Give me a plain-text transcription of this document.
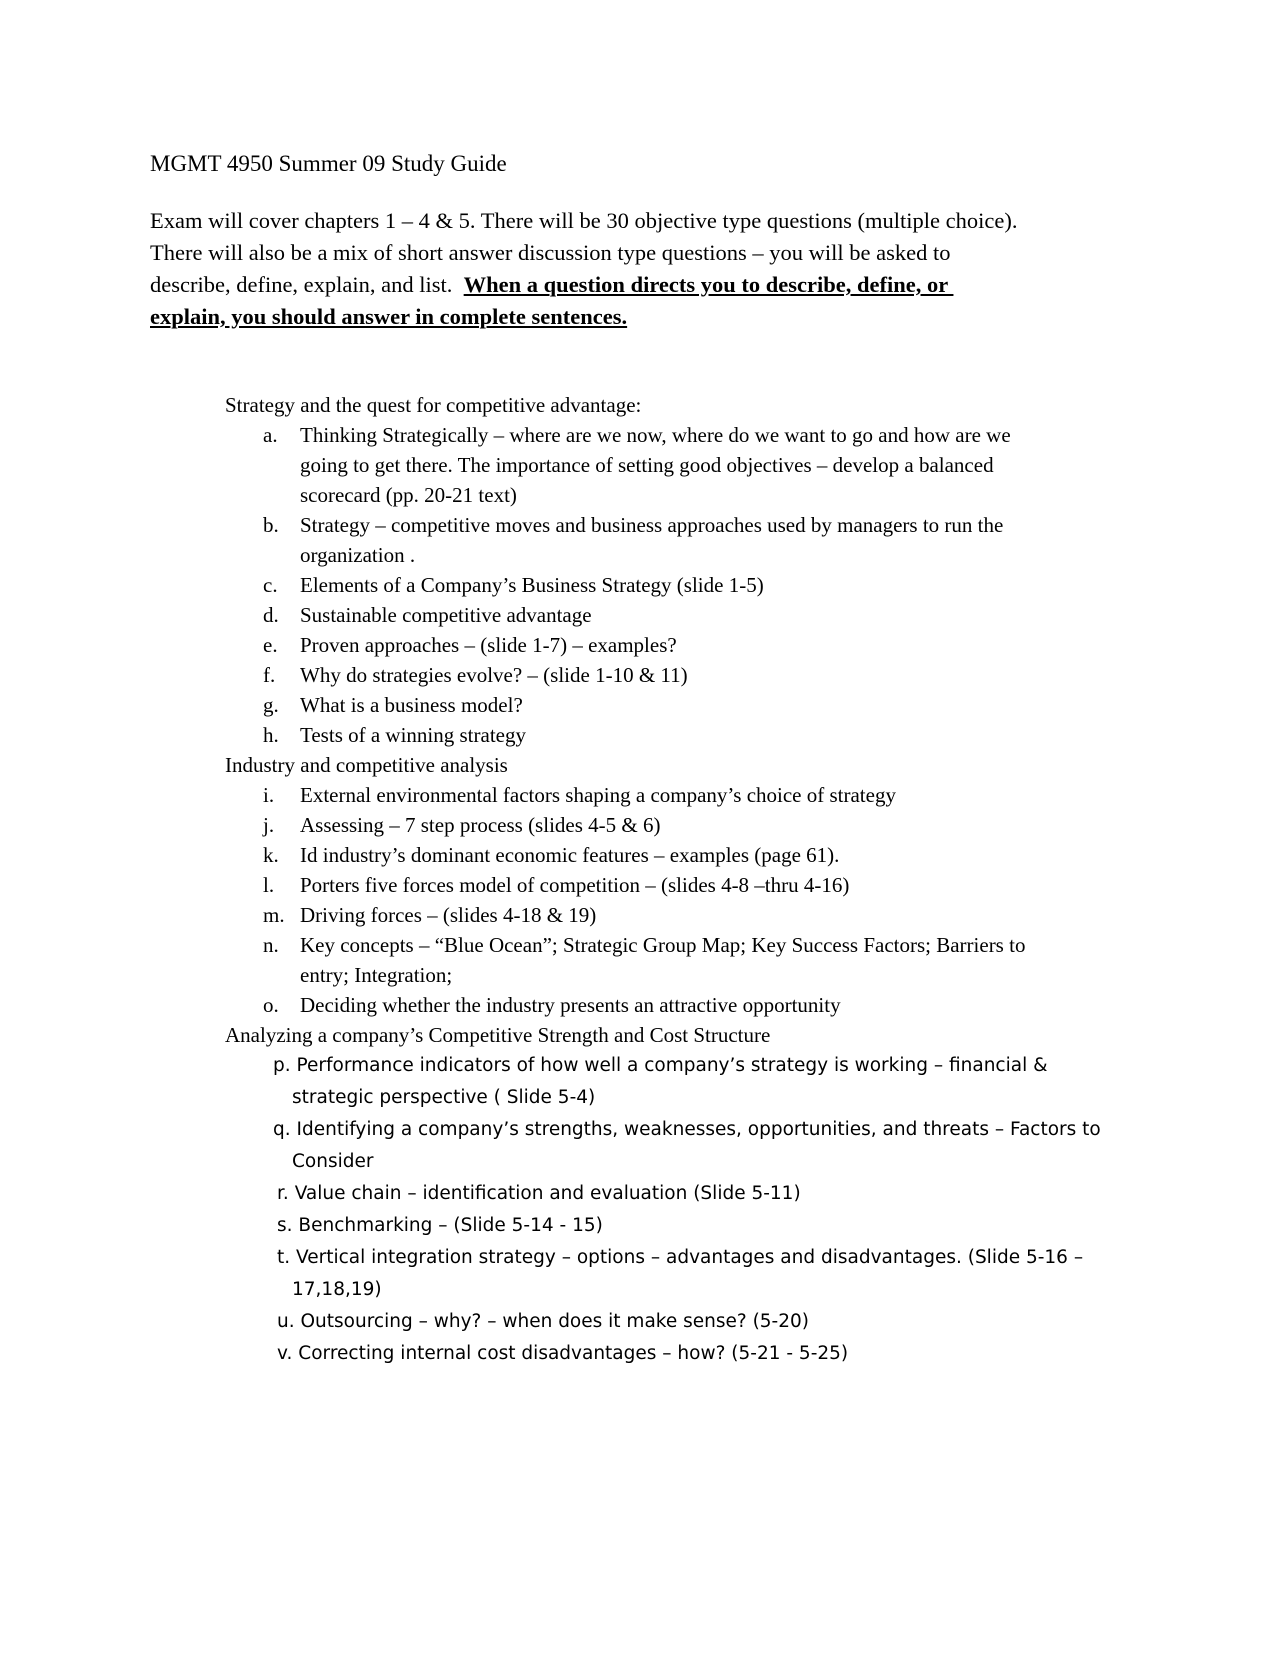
MGMT 4950 Summer 09 Study Guide

Exam will cover chapters 1 – 4 & 5. There will be 30 objective type questions (multiple choice).

There will also be a mix of short answer discussion type questions – you will be asked to

describe, define, explain, and list.  When a question directs you to describe, define, or

explain, you should answer in complete sentences.

Strategy and the quest for competitive advantage:
a. Thinking Strategically – where are we now, where do we want to go and how are we
going to get there. The importance of setting good objectives – develop a balanced
scorecard (pp. 20-21 text)
b. Strategy – competitive moves and business approaches used by managers to run the
organization .
c. Elements of a Company’s Business Strategy (slide 1-5)
d. Sustainable competitive advantage
e. Proven approaches – (slide 1-7) – examples?
f. Why do strategies evolve? – (slide 1-10 & 11)
g. What is a business model?
h. Tests of a winning strategy
Industry and competitive analysis
i. External environmental factors shaping a company’s choice of strategy
j. Assessing – 7 step process (slides 4-5 & 6)
k. Id industry’s dominant economic features – examples (page 61).
l. Porters five forces model of competition – (slides 4-8 –thru 4-16)
m. Driving forces – (slides 4-18 & 19)
n. Key concepts – “Blue Ocean”; Strategic Group Map; Key Success Factors; Barriers to
entry; Integration;
o. Deciding whether the industry presents an attractive opportunity
Analyzing a company’s Competitive Strength and Cost Structure
p. Performance indicators of how well a company’s strategy is working – financial &
strategic perspective ( Slide 5-4)
q. Identifying a company’s strengths, weaknesses, opportunities, and threats – Factors to
Consider
r. Value chain – identification and evaluation (Slide 5-11)
s. Benchmarking – (Slide 5-14 - 15)
t. Vertical integration strategy – options – advantages and disadvantages. (Slide 5-16 –
17,18,19)
u. Outsourcing – why? – when does it make sense? (5-20)
v. Correcting internal cost disadvantages – how? (5-21 - 5-25)
